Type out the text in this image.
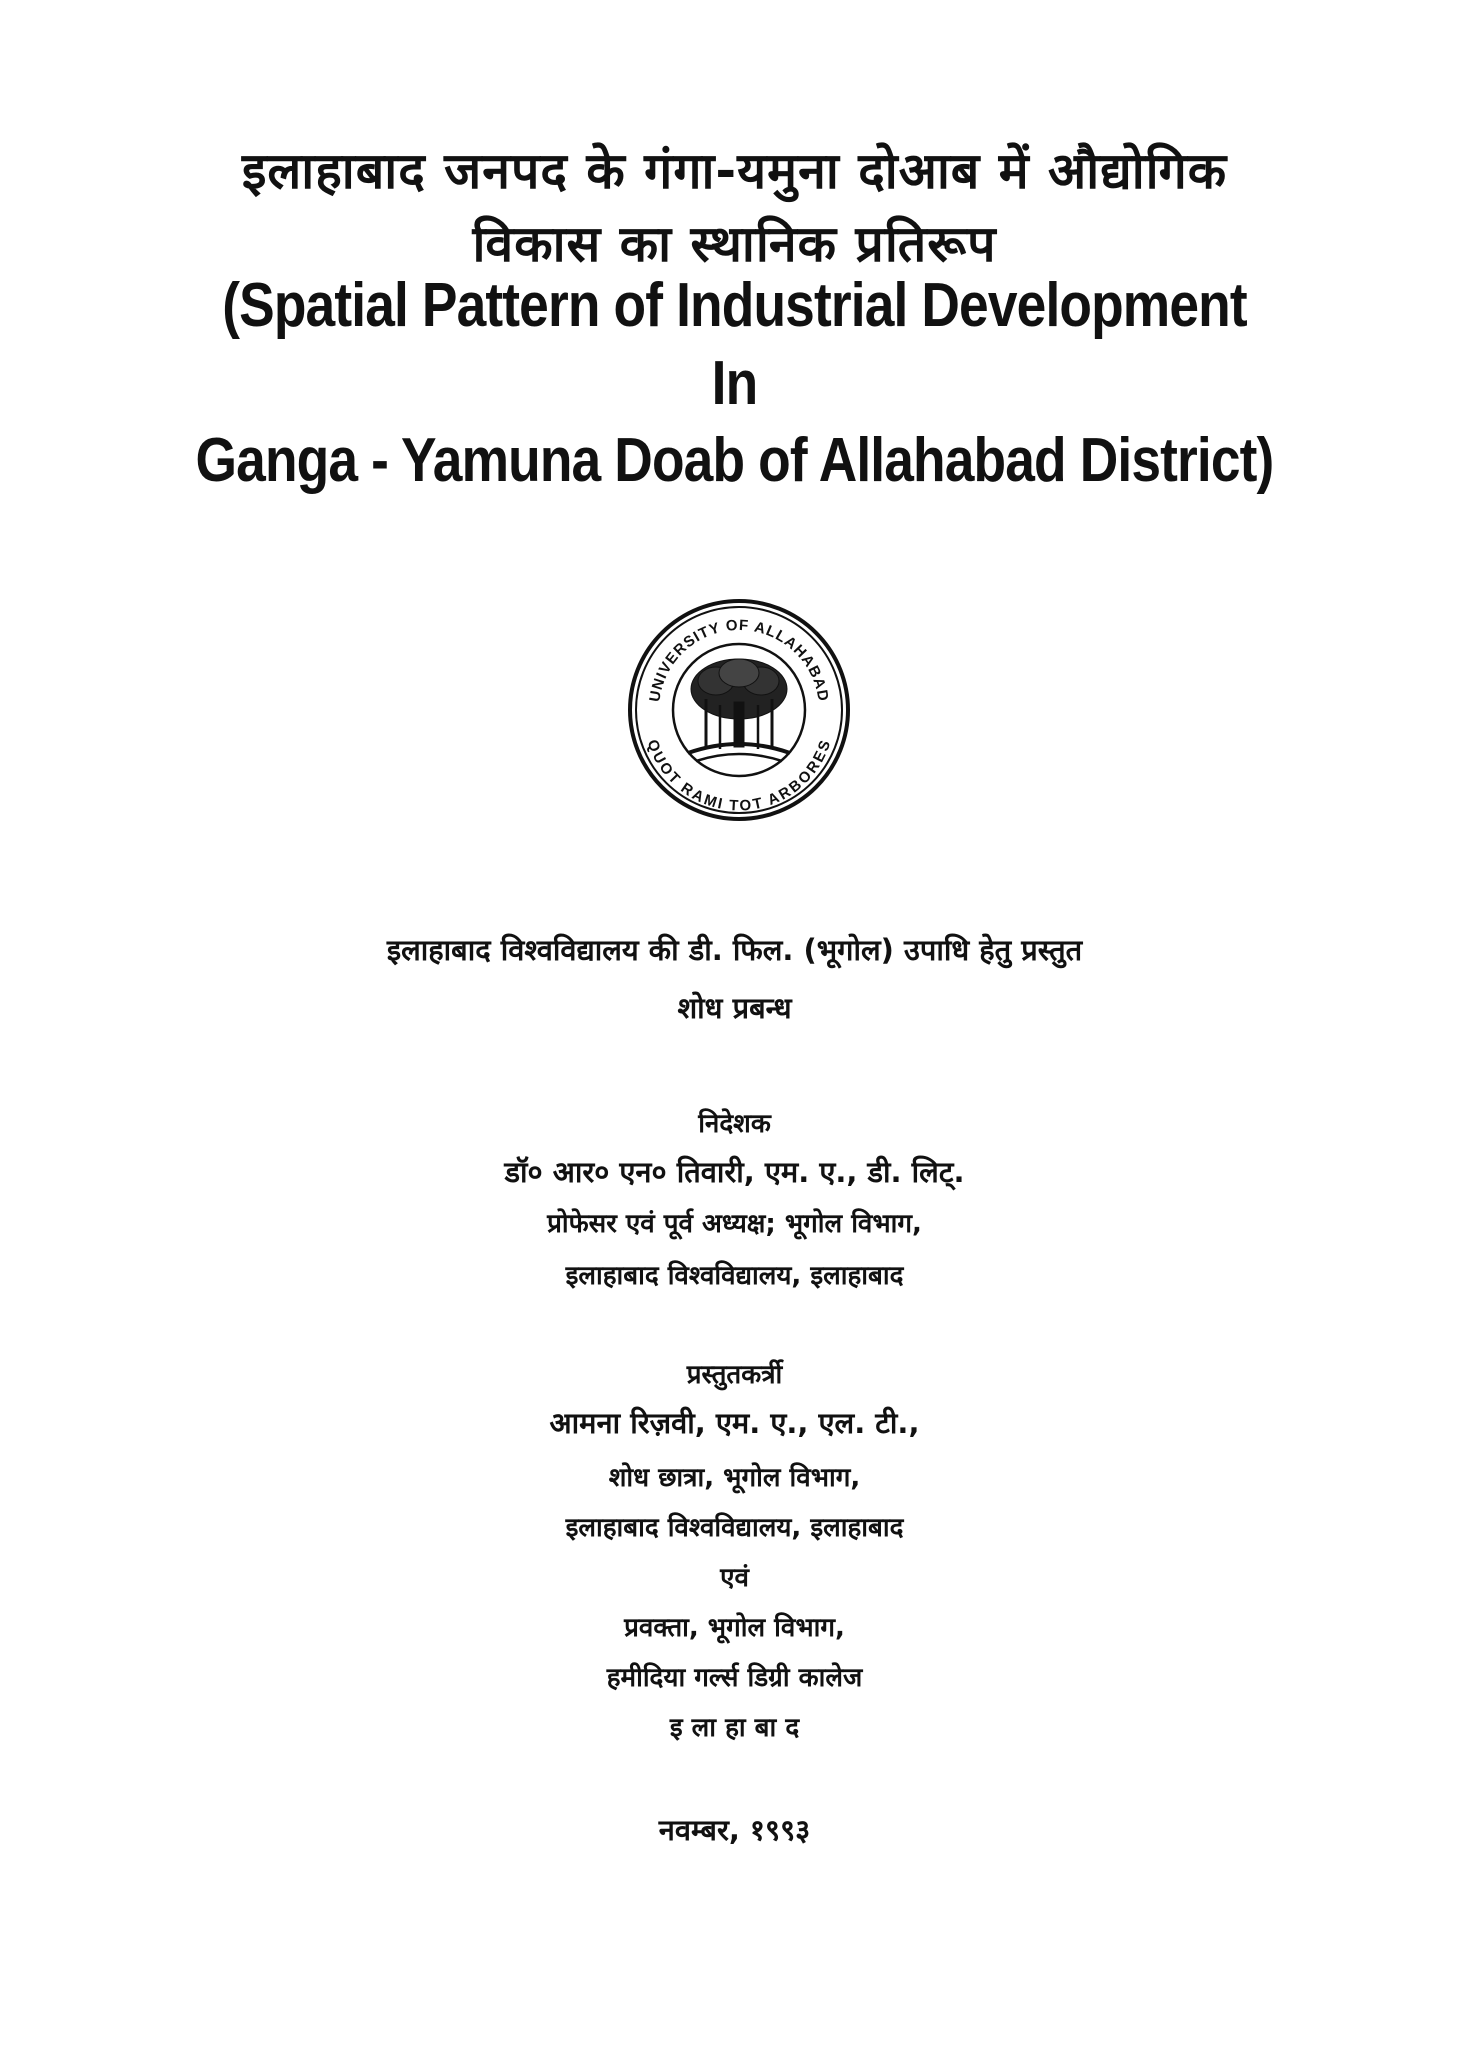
इलाहाबाद जनपद के गंगा-यमुना दोआब में औद्योगिक
विकास का स्थानिक प्रतिरूप
(Spatial Pattern of Industrial Development
In
Ganga - Yamuna Doab of Allahabad District)
UNIVERSITY OF ALLAHABAD
QUOT RAMI TOT ARBORES
इलाहाबाद विश्वविद्यालय की डी. फिल. (भूगोल) उपाधि हेतु प्रस्तुत
शोध प्रबन्ध
निदेशक
डॉ० आर० एन० तिवारी, एम. ए., डी. लिट्.
प्रोफेसर एवं पूर्व अध्यक्ष; भूगोल विभाग,
इलाहाबाद विश्वविद्यालय, इलाहाबाद
प्रस्तुतकर्त्री
आमना रिज़वी, एम. ए., एल. टी.,
शोध छात्रा, भूगोल विभाग,
इलाहाबाद विश्वविद्यालय, इलाहाबाद
एवं
प्रवक्ता, भूगोल विभाग,
हमीदिया गर्ल्स डिग्री कालेज
इ ला हा बा द
नवम्बर, १९९३
